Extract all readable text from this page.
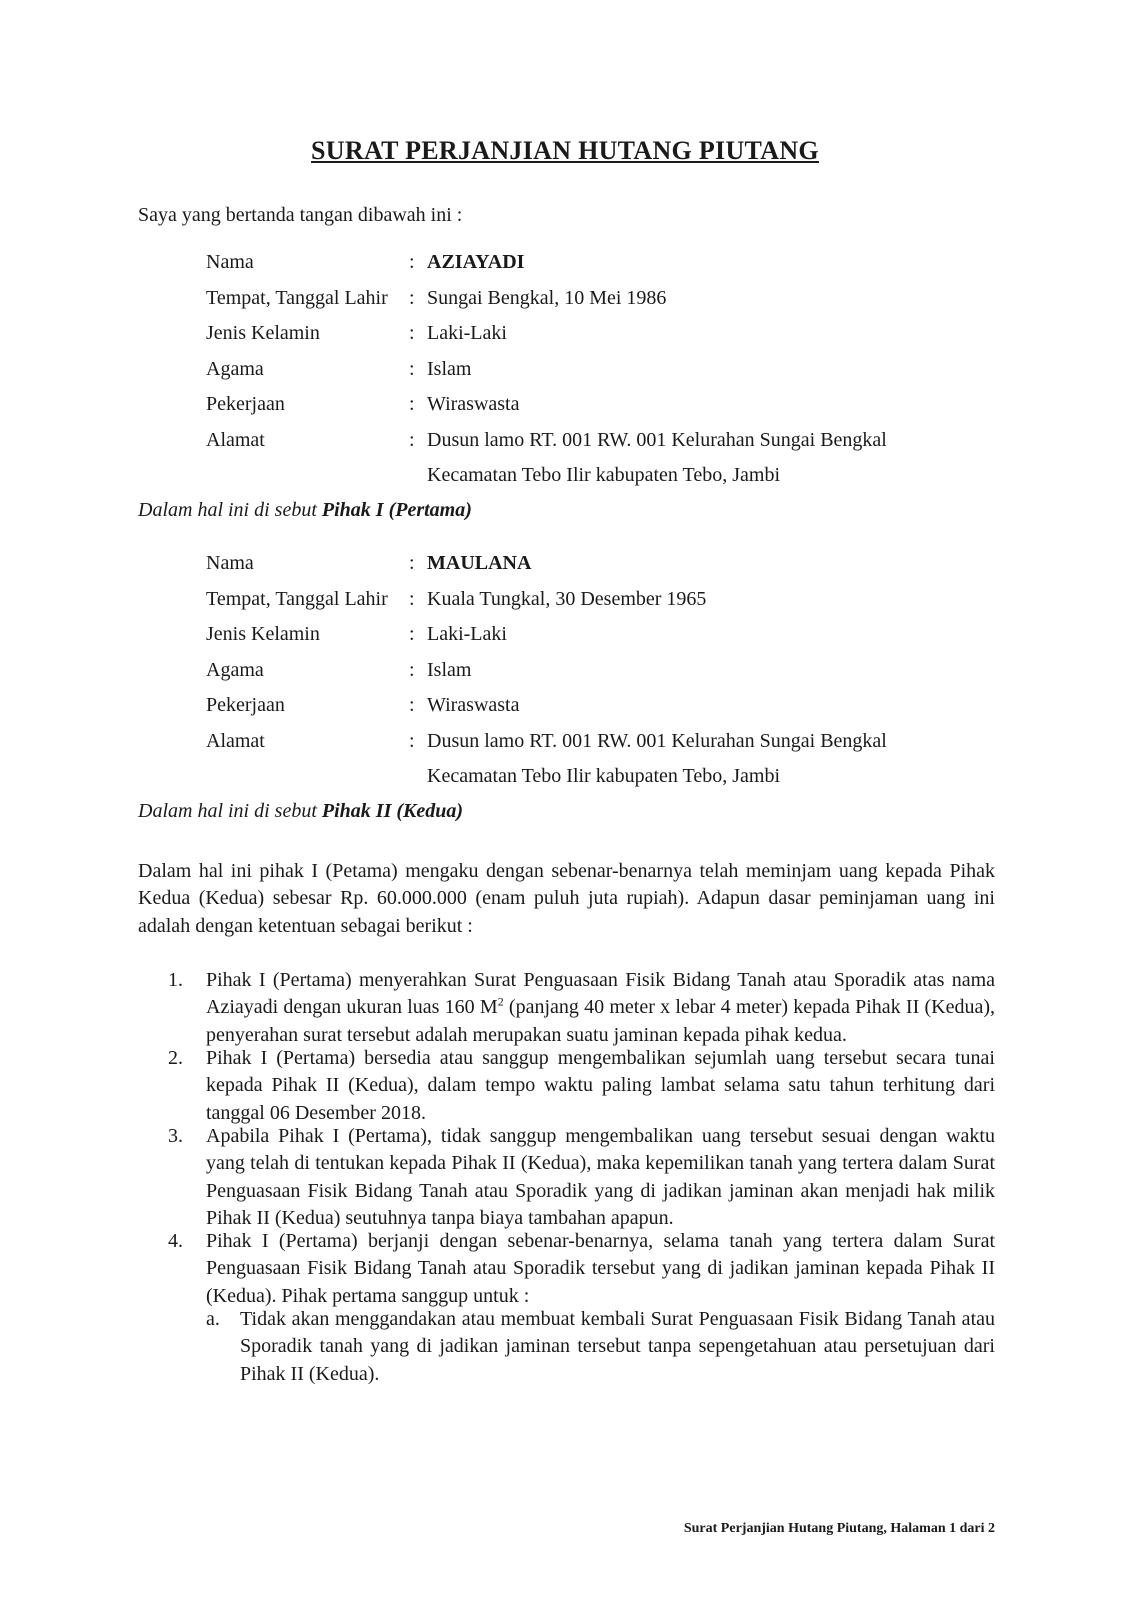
SURAT PERJANJIAN HUTANG PIUTANG
Saya yang bertanda tangan dibawah ini :
Nama	: AZIAYADI
Tempat, Tanggal Lahir : Sungai Bengkal, 10 Mei 1986
Jenis Kelamin	: Laki-Laki
Agama	: Islam
Pekerjaan	: Wiraswasta
Alamat	: Dusun lamo RT. 001 RW. 001 Kelurahan Sungai Bengkal
Kecamatan Tebo Ilir kabupaten Tebo, Jambi
Dalam hal ini di sebut Pihak I (Pertama)
Nama	: MAULANA
Tempat, Tanggal Lahir : Kuala Tungkal, 30 Desember 1965
Jenis Kelamin	: Laki-Laki
Agama	: Islam
Pekerjaan	: Wiraswasta
Alamat	: Dusun lamo RT. 001 RW. 001 Kelurahan Sungai Bengkal
Kecamatan Tebo Ilir kabupaten Tebo, Jambi
Dalam hal ini di sebut Pihak II (Kedua)
Dalam hal ini pihak I (Petama) mengaku dengan sebenar-benarnya telah meminjam uang kepada Pihak Kedua (Kedua) sebesar Rp. 60.000.000 (enam puluh juta rupiah). Adapun dasar peminjaman uang ini adalah dengan ketentuan sebagai berikut :
1. Pihak I (Pertama) menyerahkan Surat Penguasaan Fisik Bidang Tanah atau Sporadik atas nama Aziayadi dengan ukuran luas 160 $M^2$ (panjang 40 meter x lebar 4 meter) kepada Pihak II (Kedua), penyerahan surat tersebut adalah merupakan suatu jaminan kepada pihak kedua.
2. Pihak I (Pertama) bersedia atau sanggup mengembalikan sejumlah uang tersebut secara tunai kepada Pihak II (Kedua), dalam tempo waktu paling lambat selama satu tahun terhitung dari tanggal 06 Desember 2018.
3. Apabila Pihak I (Pertama), tidak sanggup mengembalikan uang tersebut sesuai dengan waktu yang telah di tentukan kepada Pihak II (Kedua), maka kepemilikan tanah yang tertera dalam Surat Penguasaan Fisik Bidang Tanah atau Sporadik yang di jadikan jaminan akan menjadi hak milik Pihak II (Kedua) seutuhnya tanpa biaya tambahan apapun.
4. Pihak I (Pertama) berjanji dengan sebenar-benarnya, selama tanah yang tertera dalam Surat Penguasaan Fisik Bidang Tanah atau Sporadik tersebut yang di jadikan jaminan kepada Pihak II (Kedua). Pihak pertama sanggup untuk :
a. Tidak akan menggandakan atau membuat kembali Surat Penguasaan Fisik Bidang Tanah atau Sporadik tanah yang di jadikan jaminan tersebut tanpa sepengetahuan atau persetujuan dari Pihak II (Kedua).
Surat Perjanjian Hutang Piutang, Halaman 1 dari 2
